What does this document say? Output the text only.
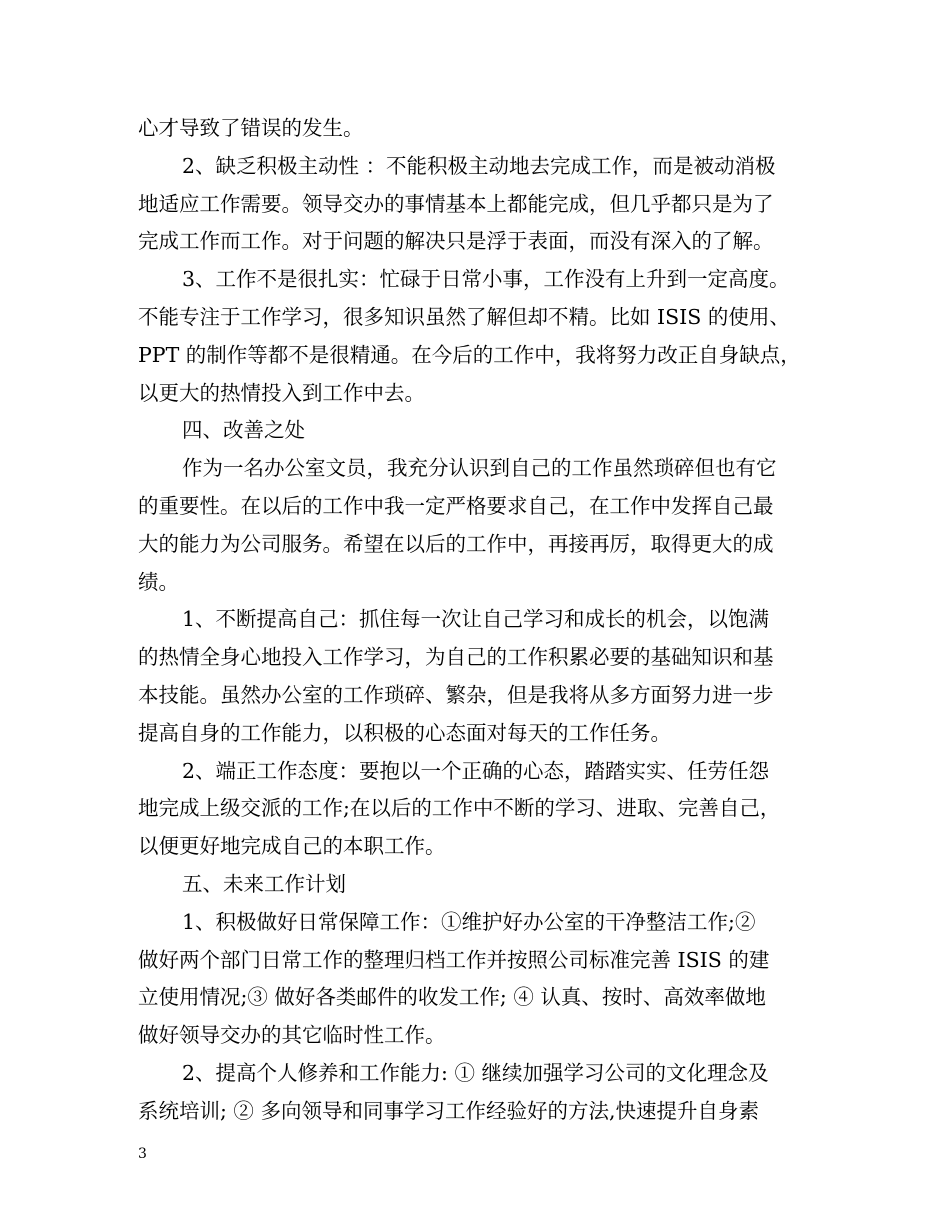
心才导致了错误的发生。
2、缺乏积极主动性 ：不能积极主动地去完成工作，而是被动消极
地适应工作需要。领导交办的事情基本上都能完成，但几乎都只是为了
完成工作而工作。对于问题的解决只是浮于表面，而没有深入的了解。
3、工作不是很扎实：忙碌于日常小事，工作没有上升到一定高度。
不能专注于工作学习，很多知识虽然了解但却不精。比如 ISIS 的使用、
PPT 的制作等都不是很精通。在今后的工作中，我将努力改正自身缺点，
以更大的热情投入到工作中去。
四、改善之处
作为一名办公室文员，我充分认识到自己的工作虽然琐碎但也有它
的重要性。在以后的工作中我一定严格要求自己，在工作中发挥自己最
大的能力为公司服务。希望在以后的工作中，再接再厉，取得更大的成
绩。
1、不断提高自己：抓住每一次让自己学习和成长的机会，以饱满
的热情全身心地投入工作学习，为自己的工作积累必要的基础知识和基
本技能。虽然办公室的工作琐碎、繁杂，但是我将从多方面努力进一步
提高自身的工作能力，以积极的心态面对每天的工作任务。
2、端正工作态度：要抱以一个正确的心态，踏踏实实、任劳任怨
地完成上级交派的工作;在以后的工作中不断的学习、进取、完善自己，
以便更好地完成自己的本职工作。
五、未来工作计划
1、积极做好日常保障工作：①维护好办公室的干净整洁工作;②
做好两个部门日常工作的整理归档工作并按照公司标准完善 ISIS 的建
立使用情况;③ 做好各类邮件的收发工作; ④ 认真、按时、高效率做地
做好领导交办的其它临时性工作。
2、提高个人修养和工作能力: ① 继续加强学习公司的文化理念及
系统培训; ② 多向领导和同事学习工作经验好的方法,快速提升自身素
3
